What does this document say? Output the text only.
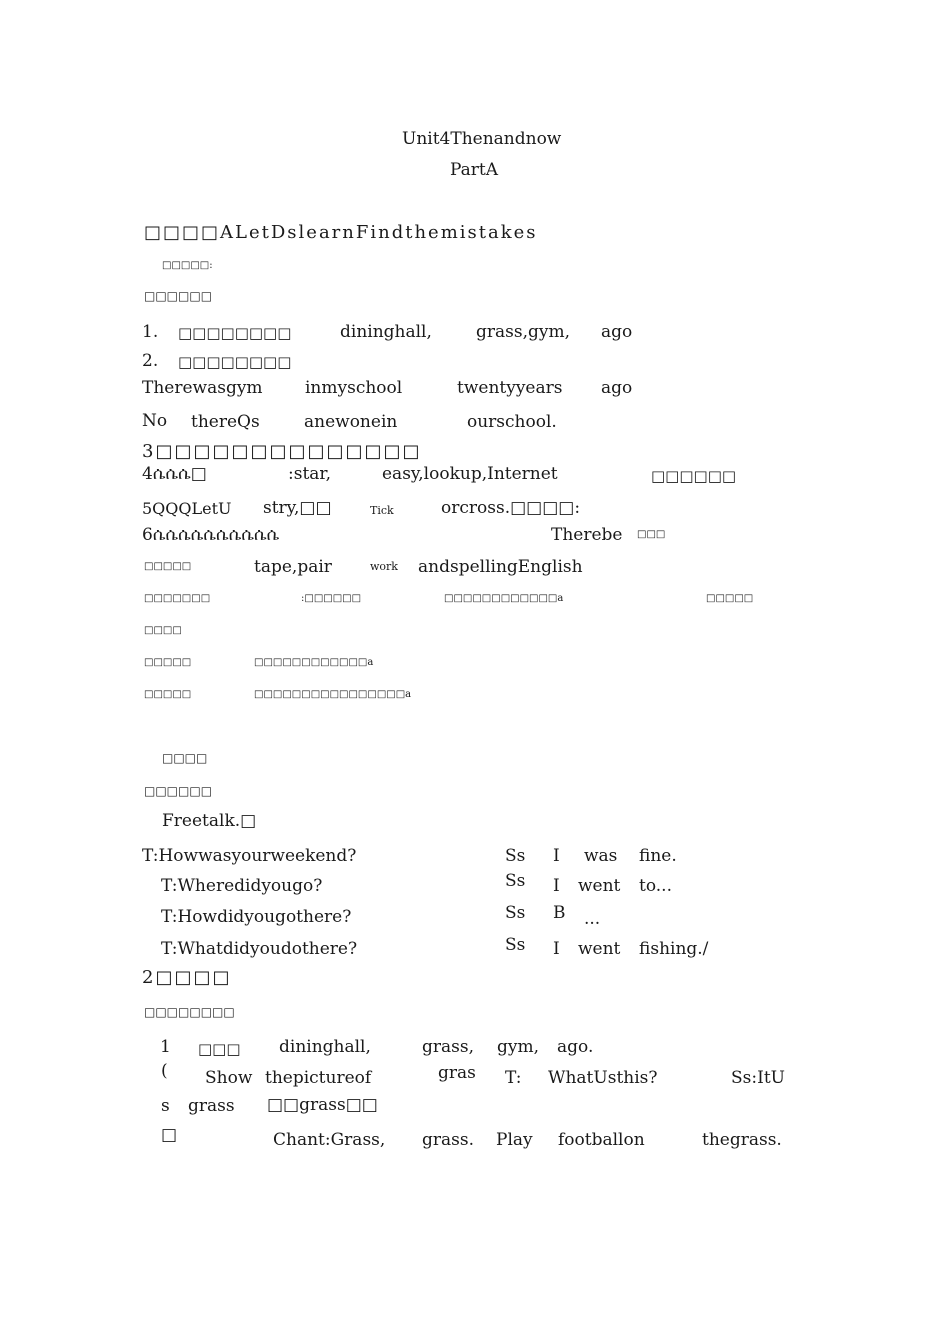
Unit4Thenandnow
PartA
□□□□ALetDslearnFindthemistakes
□□□□□:
□□□□□□
1. □□□□□□□□	dininghall,	grass,gym, ago
2. □□□□□□□□
Therewasgym inmyschool	twentyyears ago
No thereQs	anewonein	ourschool.
3□□□□□□□□□□□□□□
4ሴሴሴ□	:star,	easy,lookup,Internet	□□□□□□
5QQQLetU stry,□□	Tick	orcross.□□□□:
6ሴሴሴሴሴሴሴሴሴሴ	Therebe □□□
□□□□□	tape,pair	work andspellingEnglish
□□□□□□□	:□□□□□□	□□□□□□□□□□□□a	□□□□□
□□□□
□□□□□	□□□□□□□□□□□□a
□□□□□	□□□□□□□□□□□□□□□□a
□□□□
□□□□□□
Freetalk.□
T:Howwasyourweekend?	Ss I was fine.
T:Wheredidyougo?	Ss I went to...
T:Howdidyougothere?	Ss B ...
T:Whatdidyoudothere?	Ss I went fishing./
2□□□□
□□□□□□□□
1 □□□ dininghall,	grass, gym, ago.
( Show thepictureof	gras T: WhatUsthis?	Ss:ItU
s grass □□grass□□
□	Chant:Grass, grass. Play footballon	thegrass.
